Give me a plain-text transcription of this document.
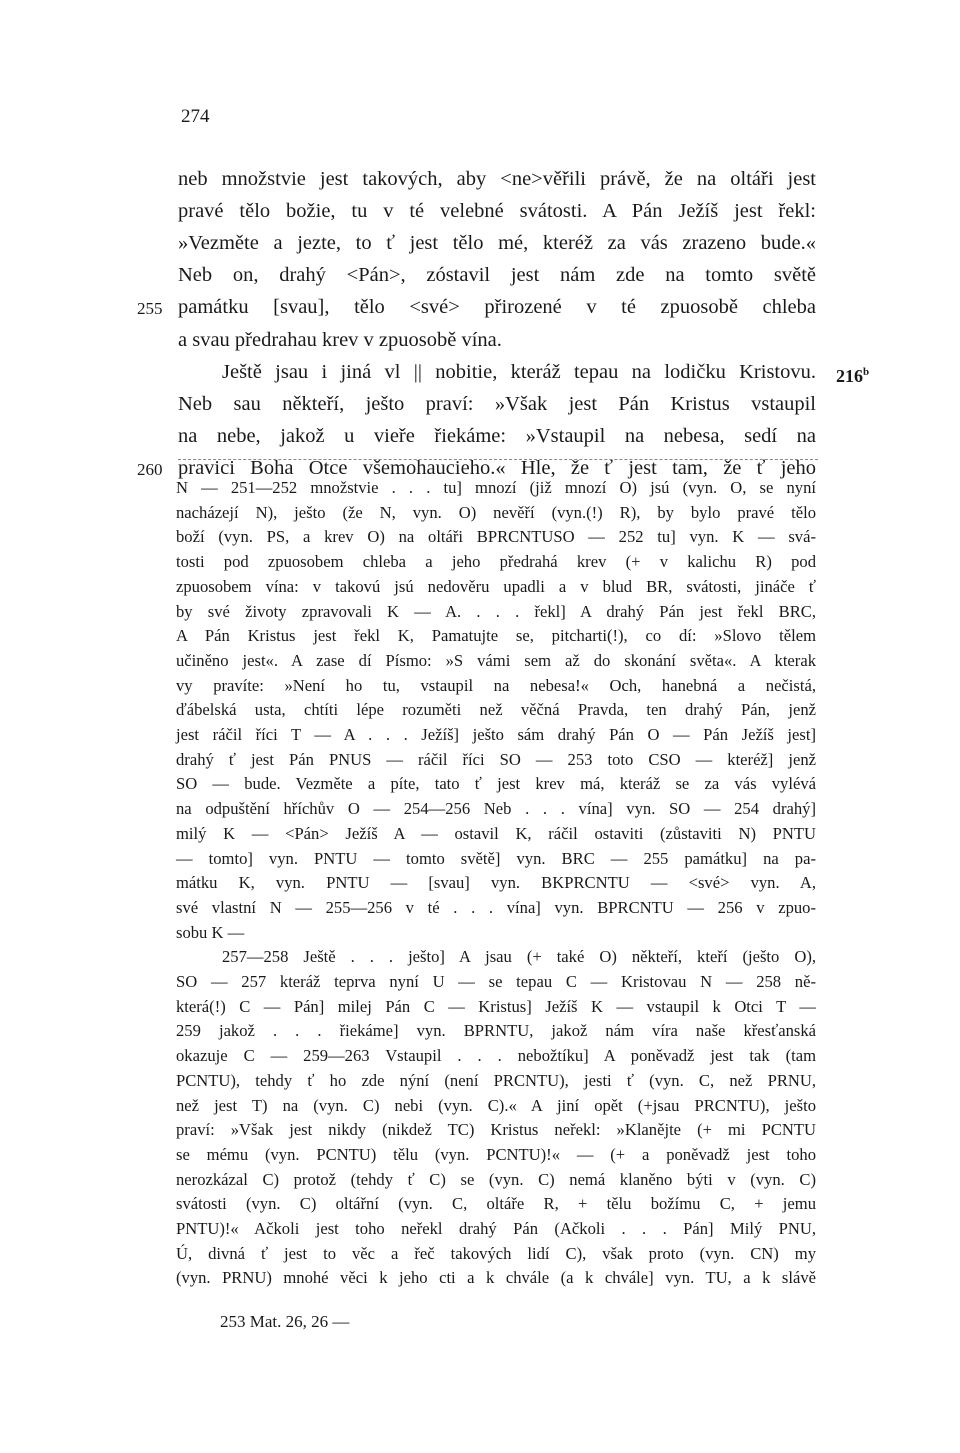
274
neb množstvie jest takových, aby <ne>věřili právě, že na oltáři jest
pravé tělo božie, tu v té velebné svátosti. A Pán Ježíš jest řekl:
»Vezměte a jezte, to ť jest tělo mé, kteréž za vás zrazeno bude.«
Neb on, drahý <Pán>, zóstavil jest nám zde na tomto světě
památku [svau], tělo <své> přirozené v té zpuosobě chleba
255
a svau předrahau krev v zpuosobě vína.
Ještě jsau i jiná vl || nobitie, kteráž tepau na lodičku Kristovu.
Neb sau někteří, ješto praví: »Však jest Pán Kristus vstaupil
na nebe, jakož u vieře řiekáme: »Vstaupil na nebesa, sedí na
pravici Boha Otce všemohaucieho.« Hle, že ť jest tam, že ť jeho
260
216$^b$
N — 251—252 množstvie . . . tu] mnozí (již mnozí O) jsú (vyn. O, se nyní
nacházejí N), ješto (že N, vyn. O) nevěří (vyn.(!) R), by bylo pravé tělo
boží (vyn. PS, a krev O) na oltáři BPRCNTUSO — 252 tu] vyn. K — svá-
tosti pod zpuosobem chleba a jeho předrahá krev (+ v kalichu R) pod
zpuosobem vína: v takovú jsú nedověru upadli a v blud BR, svátosti, jináče ť
by své životy zpravovali K — A. . . . řekl] A drahý Pán jest řekl BRC,
A Pán Kristus jest řekl K, Pamatujte se, pitcharti(!), co dí: »Slovo tělem
učiněno jest«. A zase dí Písmo: »S vámi sem až do skonání světa«. A kterak
vy pravíte: »Není ho tu, vstaupil na nebesa!« Och, hanebná a nečistá,
ďábelská usta, chtíti lépe rozuměti než věčná Pravda, ten drahý Pán, jenž
jest ráčil říci T — A . . . Ježíš] ješto sám drahý Pán O — Pán Ježíš jest]
drahý ť jest Pán PNUS — ráčil říci SO — 253 toto CSO — kteréž] jenž
SO — bude. Vezměte a píte, tato ť jest krev má, kteráž se za vás vylévá
na odpuštění hříchův O — 254—256 Neb . . . vína] vyn. SO — 254 drahý]
milý K — <Pán> Ježíš A — ostavil K, ráčil ostaviti (zůstaviti N) PNTU
— tomto] vyn. PNTU — tomto světě] vyn. BRC — 255 památku] na pa-
mátku K, vyn. PNTU — [svau] vyn. BKPRCNTU — <své> vyn. A,
své vlastní N — 255—256 v té . . . vína] vyn. BPRCNTU — 256 v zpuo-
sobu K —
257—258 Ještě . . . ješto] A jsau (+ také O) někteří, kteří (ješto O),
SO — 257 kteráž teprva nyní U — se tepau C — Kristovau N — 258 ně-
která(!) C — Pán] milej Pán C — Kristus] Ježíš K — vstaupil k Otci T —
259 jakož . . . řiekáme] vyn. BPRNTU, jakož nám víra naše křesťanská
okazuje C — 259—263 Vstaupil . . . nebožtíku] A poněvadž jest tak (tam
PCNTU), tehdy ť ho zde nýní (není PRCNTU), jesti ť (vyn. C, než PRNU,
než jest T) na (vyn. C) nebi (vyn. C).« A jiní opět (+jsau PRCNTU), ješto
praví: »Však jest nikdy (nikdež TC) Kristus neřekl: »Klanějte (+ mi PCNTU
se mému (vyn. PCNTU) tělu (vyn. PCNTU)!« — (+ a poněvadž jest toho
nerozkázal C) protož (tehdy ť C) se (vyn. C) nemá klaněno býti v (vyn. C)
svátosti (vyn. C) oltářní (vyn. C, oltáře R, + tělu božímu C, + jemu
PNTU)!« Ačkoli jest toho neřekl drahý Pán (Ačkoli . . . Pán] Milý PNU,
Ú, divná ť jest to věc a řeč takových lidí C), však proto (vyn. CN) my
(vyn. PRNU) mnohé věci k jeho cti a k chvále (a k chvále] vyn. TU, a k slávě
253 Mat. 26, 26 —
